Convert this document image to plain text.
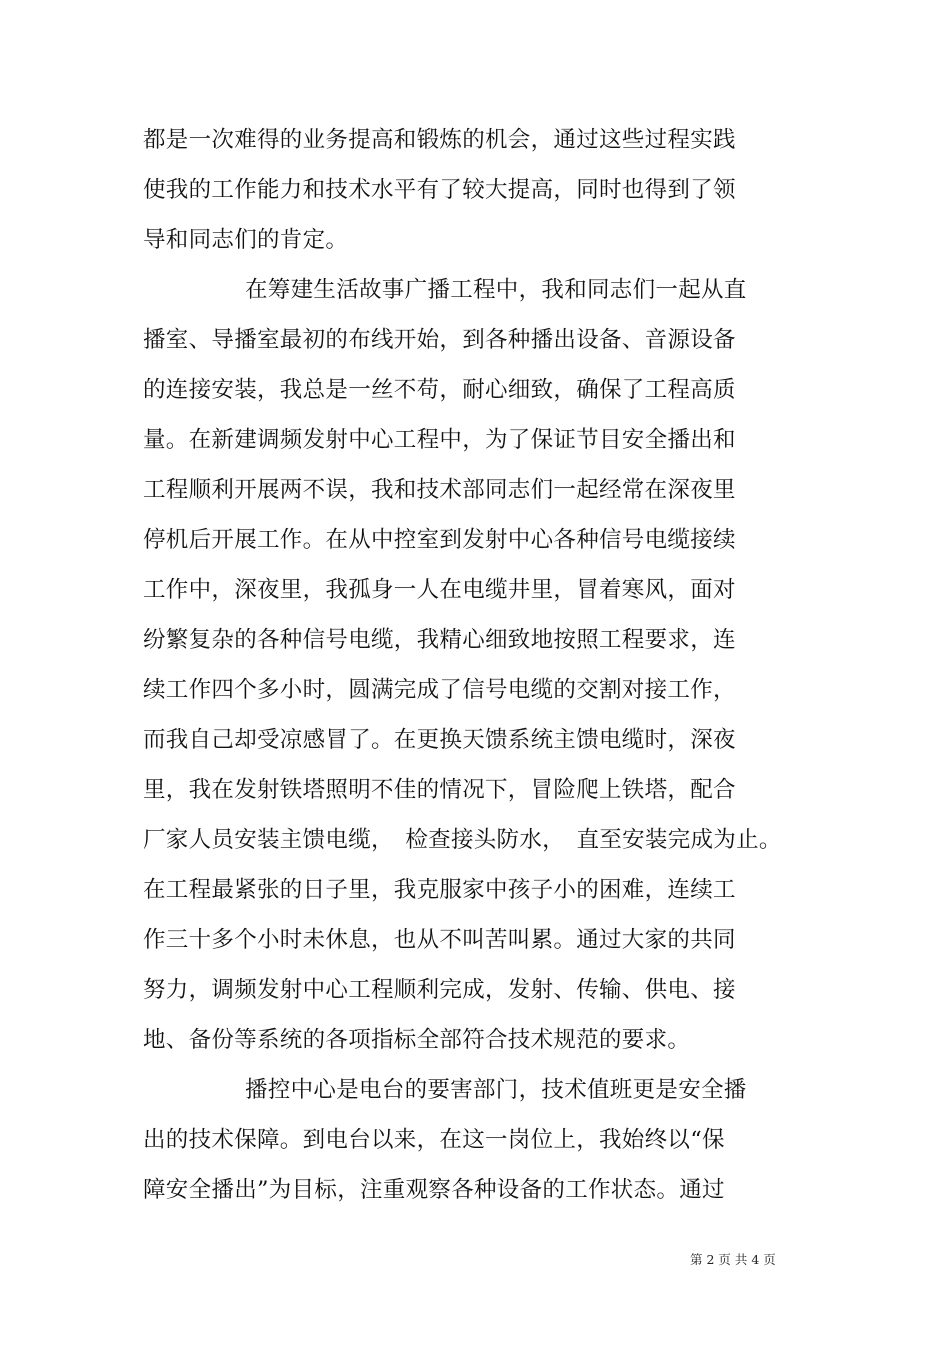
都是一次难得的业务提高和锻炼的机会，通过这些过程实践
使我的工作能力和技术水平有了较大提高，同时也得到了领
导和同志们的肯定。
在筹建生活故事广播工程中，我和同志们一起从直
播室、导播室最初的布线开始，到各种播出设备、音源设备
的连接安装，我总是一丝不苟，耐心细致，确保了工程高质
量。在新建调频发射中心工程中，为了保证节目安全播出和
工程顺利开展两不误，我和技术部同志们一起经常在深夜里
停机后开展工作。在从中控室到发射中心各种信号电缆接续
工作中，深夜里，我孤身一人在电缆井里，冒着寒风，面对
纷繁复杂的各种信号电缆，我精心细致地按照工程要求，连
续工作四个多小时，圆满完成了信号电缆的交割对接工作，
而我自己却受凉感冒了。在更换天馈系统主馈电缆时，深夜
里，我在发射铁塔照明不佳的情况下，冒险爬上铁塔，配合
厂家人员安装主馈电缆，　检查接头防水，　直至安装完成为止。
在工程最紧张的日子里，我克服家中孩子小的困难，连续工
作三十多个小时未休息，也从不叫苦叫累。通过大家的共同
努力，调频发射中心工程顺利完成，发射、传输、供电、接
地、备份等系统的各项指标全部符合技术规范的要求。
播控中心是电台的要害部门，技术值班更是安全播
出的技术保障。到电台以来，在这一岗位上，我始终以“保
障安全播出”为目标，注重观察各种设备的工作状态。通过
第 2 页 共 4 页
